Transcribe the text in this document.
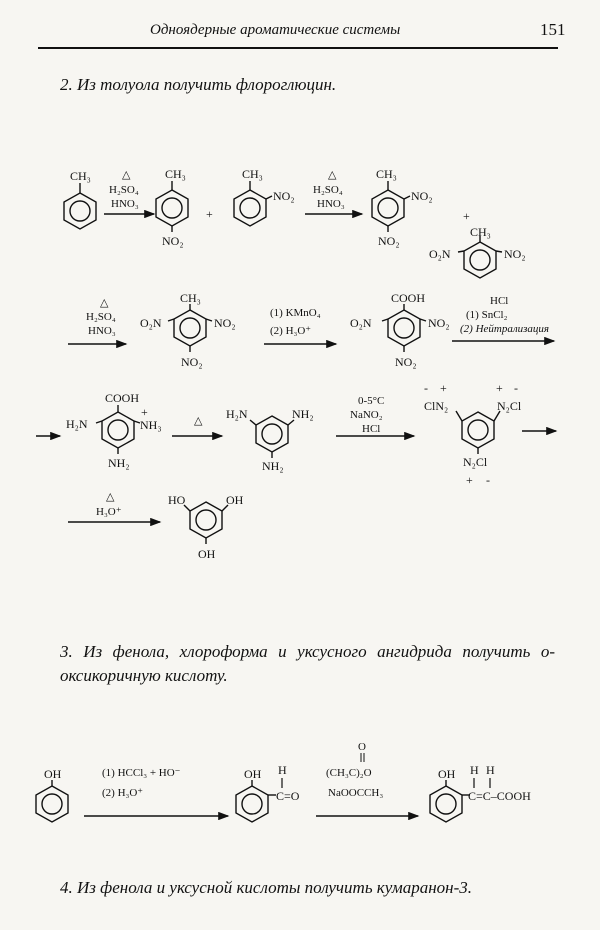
Одноядерные ароматические системы	151
2. Из толуола получить флороглюцин.
3. Из фенола, хлороформа и уксусного ангидрида получить о-оксикоричную кислоту.
4. Из фенола и уксусной кислоты получить кумаранон-3.
CH₃	△
H₂SO₄
HNO₃
CH₃
NO₂
+
CH₃
NO₂
△
H₂SO₄
HNO₃
CH₃
NO₂
NO₂
+
CH₃
O₂N	NO₂
△
H₂SO₄
HNO₃
CH₃
O₂N	NO₂
NO₂
(1) KMnO₄
(2) H₃O⁺
COOH
O₂N	NO₂
NO₂
HCl
(1) SnCl₂
(2) Нейтрализация
COOH
H₂N
+
NH₃
NH₂
△ H₂N	NH₂
NH₂
0-5°C
NaNO₂
HCl
- +
ClN₂
+ -
N₂Cl
N₂Cl
+ -
△
H₃O⁺
HO	OH
OH
OH	(1) HCCl₃ + HO⁻
(2) H₃O⁺
OH H
C=O
O
(CH₃C)₂O
NaOOCCH₃
OH H H
C=C–COOH
